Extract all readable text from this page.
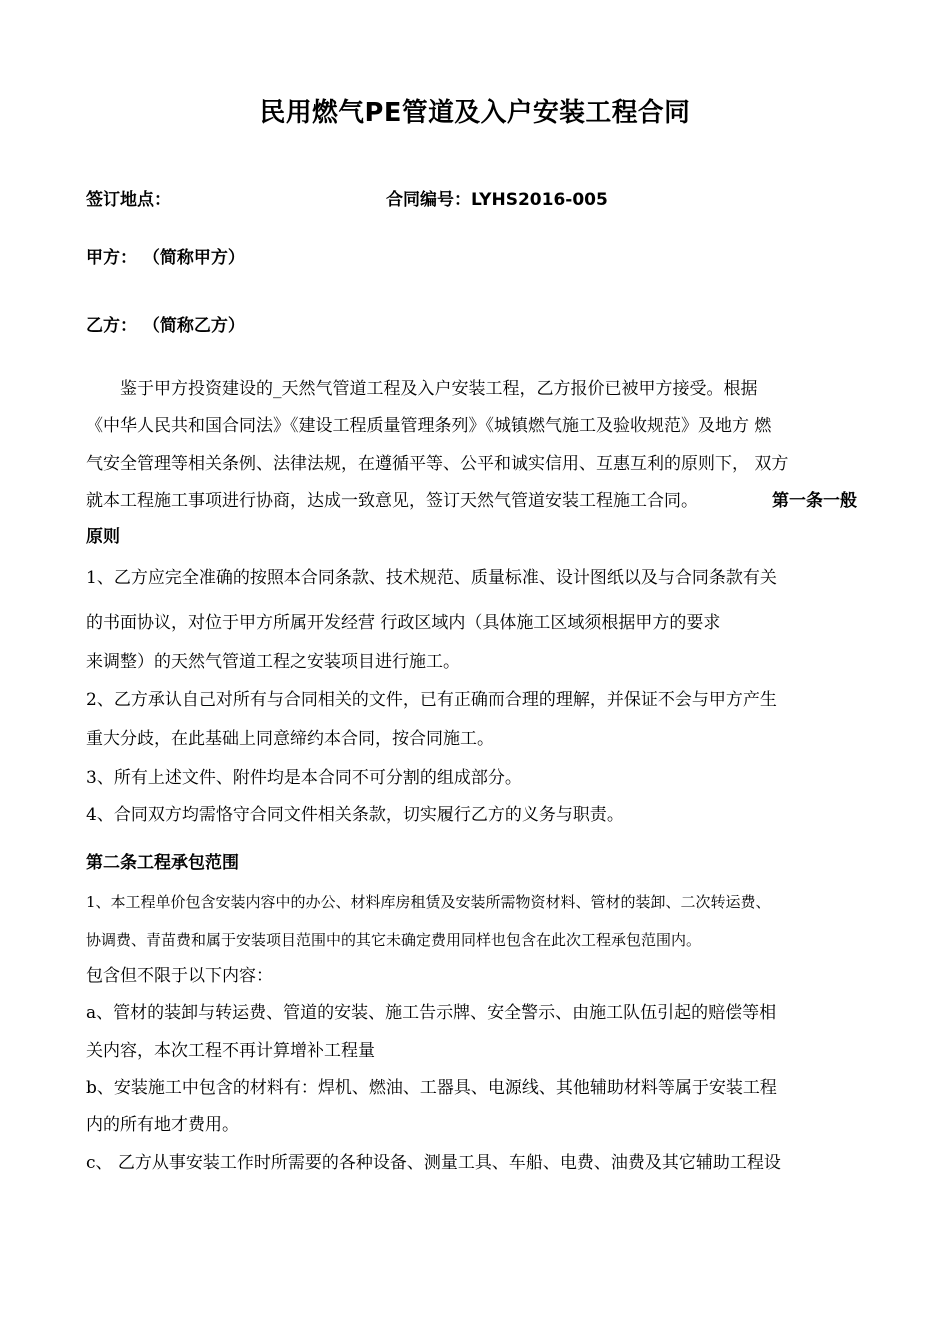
民用燃气PE管道及入户安装工程合同
签订地点：	合同编号：LYHS2016-005
甲方： （简称甲方）
乙方： （简称乙方）
鉴于甲方投资建设的_天然气管道工程及入户安装工程，乙方报价已被甲方接受。根据
《中华人民共和国合同法》《建设工程质量管理条列》《城镇燃气施工及验收规范》及地方 燃
气安全管理等相关条例、法律法规，在遵循平等、公平和诚实信用、互惠互利的原则下， 双方
就本工程施工事项进行协商，达成一致意见，签订天然气管道安装工程施工合同。	第一条一般
原则
1、乙方应完全准确的按照本合同条款、技术规范、质量标准、设计图纸以及与合同条款有关
的书面协议，对位于甲方所属开发经营 行政区域内（具体施工区域须根据甲方的要求
来调整）的天然气管道工程之安装项目进行施工。
2、乙方承认自己对所有与合同相关的文件，已有正确而合理的理解，并保证不会与甲方产生
重大分歧，在此基础上同意缔约本合同，按合同施工。
3、所有上述文件、附件均是本合同不可分割的组成部分。
4、合同双方均需恪守合同文件相关条款，切实履行乙方的义务与职责。
第二条工程承包范围
1、本工程单价包含安装内容中的办公、材料库房租赁及安装所需物资材料、管材的装卸、二次转运费、
协调费、青苗费和属于安装项目范围中的其它未确定费用同样也包含在此次工程承包范围内。
包含但不限于以下内容：
a、管材的装卸与转运费、管道的安装、施工告示牌、安全警示、由施工队伍引起的赔偿等相
关内容，本次工程不再计算增补工程量
b、安装施工中包含的材料有：焊机、燃油、工器具、电源线、其他辅助材料等属于安装工程
内的所有地才费用。
c、 乙方从事安装工作时所需要的各种设备、测量工具、车船、电费、油费及其它辅助工程设
